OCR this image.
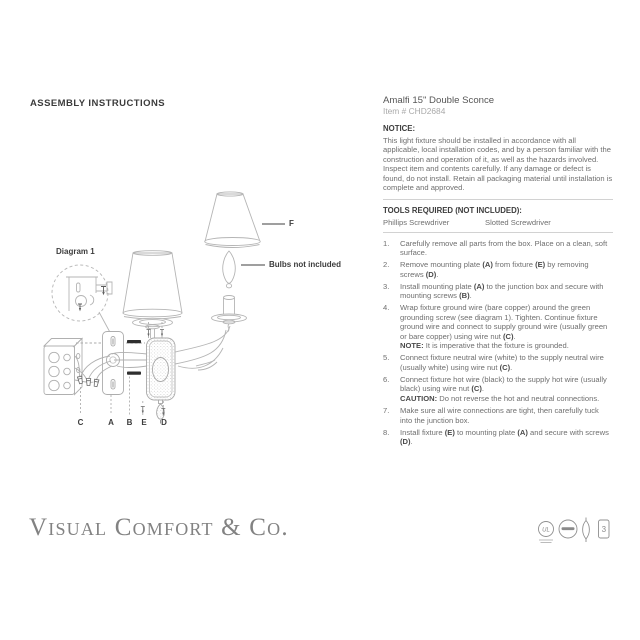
ASSEMBLY INSTRUCTIONS	Amalfi 15" Double Sconce
Item # CHD2684
NOTICE:
This light fixture should be installed in accordance with all applicable, local installation codes, and by a person familiar with the construction and operation of it, as well as the hazards involved. Inspect item and contents carefully. If any damage or defect is found, do not install. Retain all packaging material until installation is complete and approved.
TOOLS REQUIRED (NOT INCLUDED):
Phillips Screwdriver	Slotted Screwdriver
1.	Carefully remove all parts from the box. Place on a clean, soft surface.
2.	Remove mounting plate (A) from fixture (E) by removing screws (D).
3.	Install mounting plate (A) to the junction box and secure with mounting screws (B).
4.	Wrap fixture ground wire (bare copper) around the green grounding screw (see diagram 1). Tighten. Continue fixture ground wire and connect to supply ground wire (usually green or bare copper) using wire nut (C).
NOTE: It is imperative that the fixture is grounded.
5.	Connect fixture neutral wire (white) to the supply neutral wire (usually white) using wire nut (C).
6.	Connect fixture hot wire (black) to the supply hot wire (usually black) using wire nut (C).
CAUTION: Do not reverse the hot and neutral connections.
7.	Make sure all wire connections are tight, then carefully tuck into the junction box.
8.	Install fixture (E) to mounting plate (A) and secure with screws (D).
Diagram 1
F
Bulbs not included
C	A B E D
Visual Comfort & Co.	UL	3
